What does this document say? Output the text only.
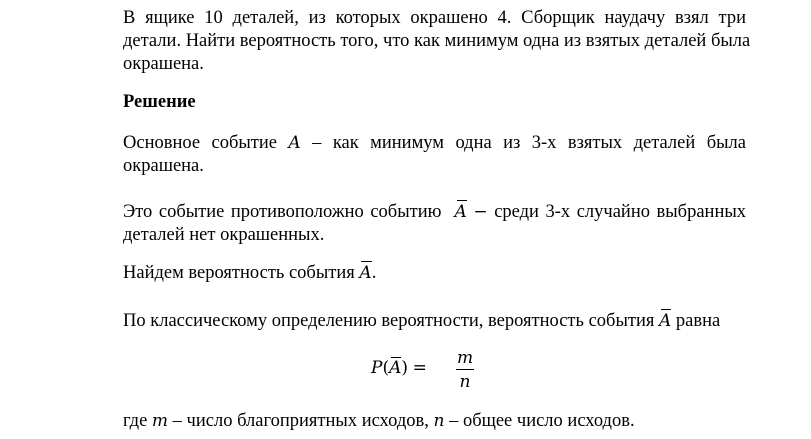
В ящике 10 деталей, из которых окрашено 4. Сборщик наудачу взял три
детали. Найти вероятность того, что как минимум одна из взятых деталей была
окрашена.
Решение
Основное событие A – как минимум одна из 3-х взятых деталей была
окрашена.
Это событие противоположно событию A − среди 3-х случайно выбранных
деталей нет окрашенных.
Найдем вероятность события A.
По классическому определению вероятности, вероятность события A равна
P(A) = m
n
где m – число благоприятных исходов, n – общее число исходов.
